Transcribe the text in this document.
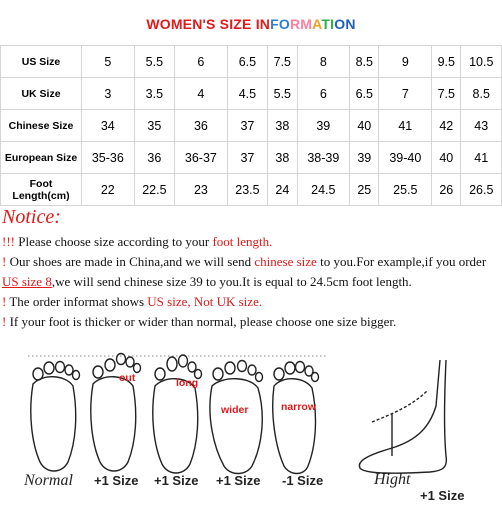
WOMEN'S SIZE INFORMATION
US Size	5	5.5	6	6.5	7.5	8	8.5	9	9.5	10.5
UK Size	3	3.5	4	4.5	5.5	6	6.5	7	7.5	8.5
Chinese Size	34	35	36	37	38	39	40	41	42	43
European Size	35-36	36	36-37	37	38	38-39	39	39-40	40	41

Foot
Length(cm)	22	22.5	23	23.5	24	24.5	25	25.5	26	26.5
Notice:
!!! Please choose size according to your foot length.
! Our shoes are made in China,and we will send chinese size to you.For example,if you order
US size 8,we will send chinese size 39 to you.It is equal to 24.5cm foot length.
! The order informat shows US size, Not UK size.
! If your foot is thicker or wider than normal, please choose one size bigger.
out	long
wider	narrow
Normal +1 Size +1 Size +1 Size -1 Size	Hight
+1 Size
